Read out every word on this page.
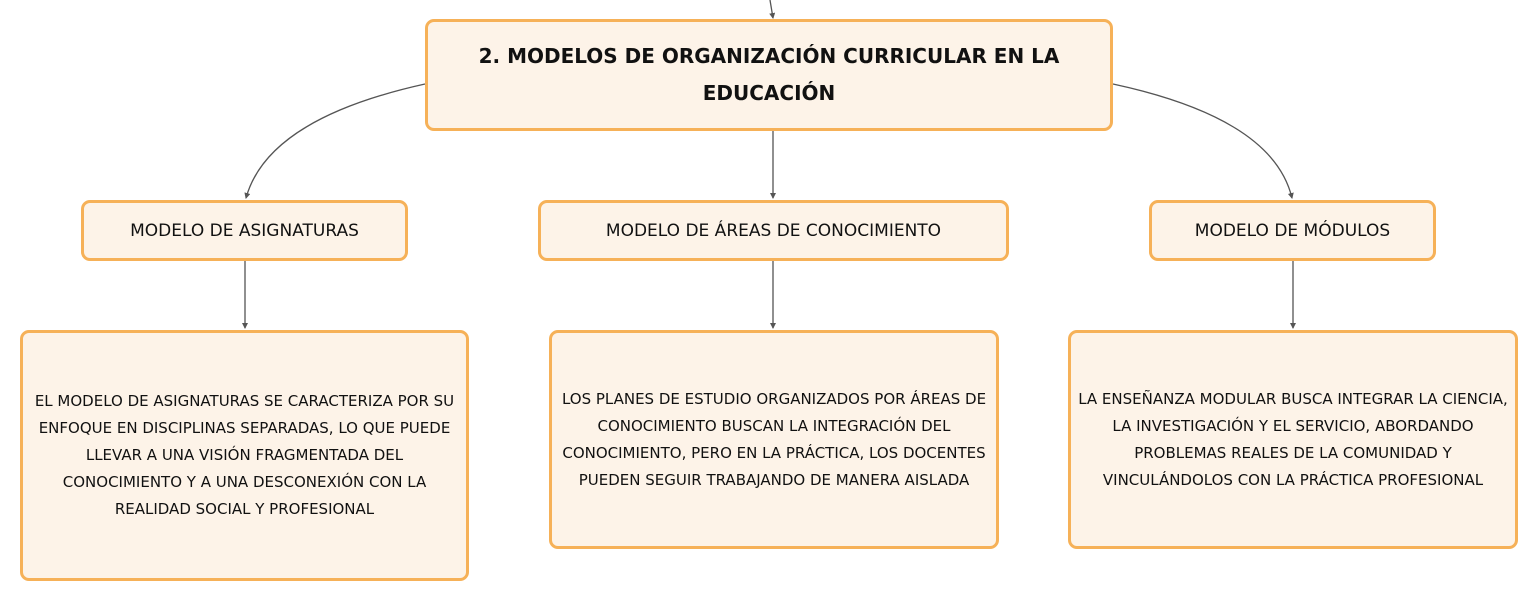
2. MODELOS DE ORGANIZACIÓN CURRICULAR EN LA EDUCACIÓN
MODELO DE ASIGNATURAS	MODELO DE ÁREAS DE CONOCIMIENTO	MODELO DE MÓDULOS
EL MODELO DE ASIGNATURAS SE CARACTERIZA POR SU ENFOQUE EN DISCIPLINAS SEPARADAS, LO QUE PUEDE LLEVAR A UNA VISIÓN FRAGMENTADA DEL CONOCIMIENTO Y A UNA DESCONEXIÓN CON LA REALIDAD SOCIAL Y PROFESIONAL
LOS PLANES DE ESTUDIO ORGANIZADOS POR ÁREAS DE CONOCIMIENTO BUSCAN LA INTEGRACIÓN DEL CONOCIMIENTO, PERO EN LA PRÁCTICA, LOS DOCENTES PUEDEN SEGUIR TRABAJANDO DE MANERA AISLADA
LA ENSEÑANZA MODULAR BUSCA INTEGRAR LA CIENCIA, LA INVESTIGACIÓN Y EL SERVICIO, ABORDANDO PROBLEMAS REALES DE LA COMUNIDAD Y VINCULÁNDOLOS CON LA PRÁCTICA PROFESIONAL
